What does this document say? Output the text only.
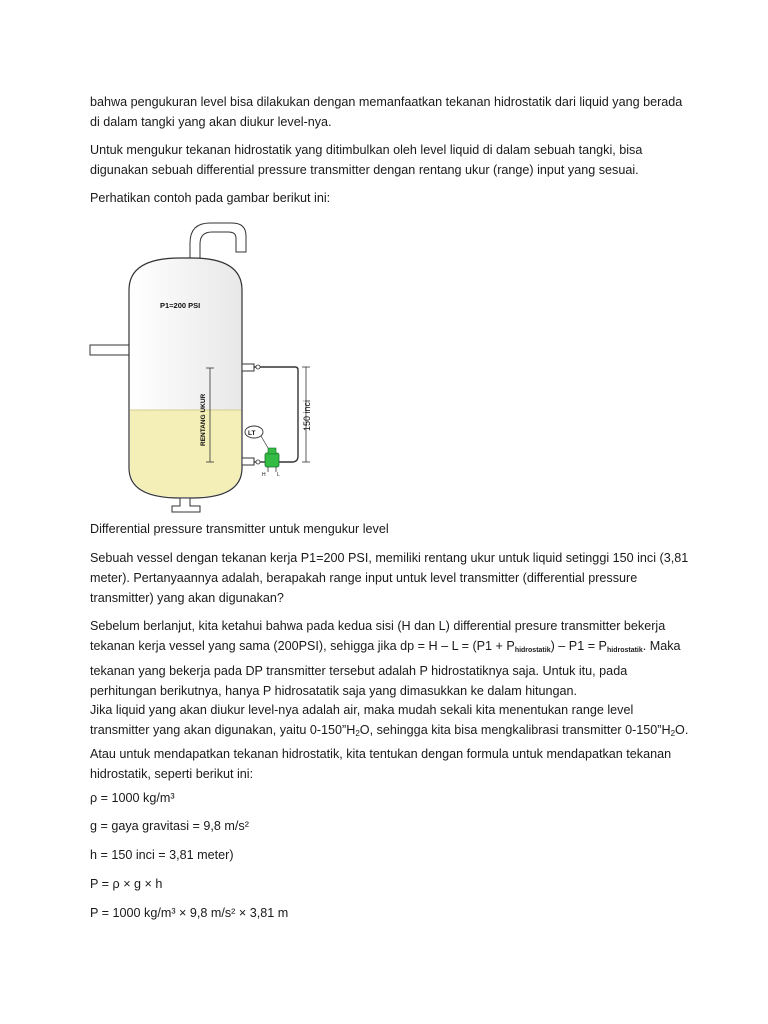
bahwa pengukuran level bisa dilakukan dengan memanfaatkan tekanan hidrostatik dari liquid yang berada di dalam tangki yang akan diukur level-nya.

Untuk mengukur tekanan hidrostatik yang ditimbulkan oleh level liquid di dalam sebuah tangki, bisa digunakan sebuah differential pressure transmitter dengan rentang ukur (range) input yang sesuai.

Perhatikan contoh pada gambar berikut ini:

P1=200 PSI
RENTANG UKUR
H L
LT
150 inci

Differential pressure transmitter untuk mengukur level

Sebuah vessel dengan tekanan kerja P1=200 PSI, memiliki rentang ukur untuk liquid setinggi 150 inci (3,81 meter). Pertanyaannya adalah, berapakah range input untuk level transmitter (differential pressure transmitter) yang akan digunakan?

Sebelum berlanjut, kita ketahui bahwa pada kedua sisi (H dan L) differential presure transmitter bekerja tekanan kerja vessel yang sama (200PSI), sehigga jika dp = $H - L = (P1 + P_{hidrostatik}) - P1 = P_{hidrostatik}$. Maka tekanan yang bekerja pada DP transmitter tersebut adalah P hidrostatiknya saja. Untuk itu, pada perhitungan berikutnya, hanya P hidrosatatik saja yang dimasukkan ke dalam hitungan.

Jika liquid yang akan diukur level-nya adalah air, maka mudah sekali kita menentukan range level transmitter yang akan digunakan, yaitu $0-150”H_2O$, sehingga kita bisa mengkalibrasi transmitter $0-150”H_2O$. Atau untuk mendapatkan tekanan hidrostatik, kita tentukan dengan formula untuk mendapatkan tekanan hidrostatik, seperti berikut ini:

ρ = 1000 kg/m³

g = gaya gravitasi = 9,8 m/s²

h = 150 inci = 3,81 meter)

P = ρ × g × h

P = 1000 kg/m³ × 9,8 m/s² × 3,81 m
